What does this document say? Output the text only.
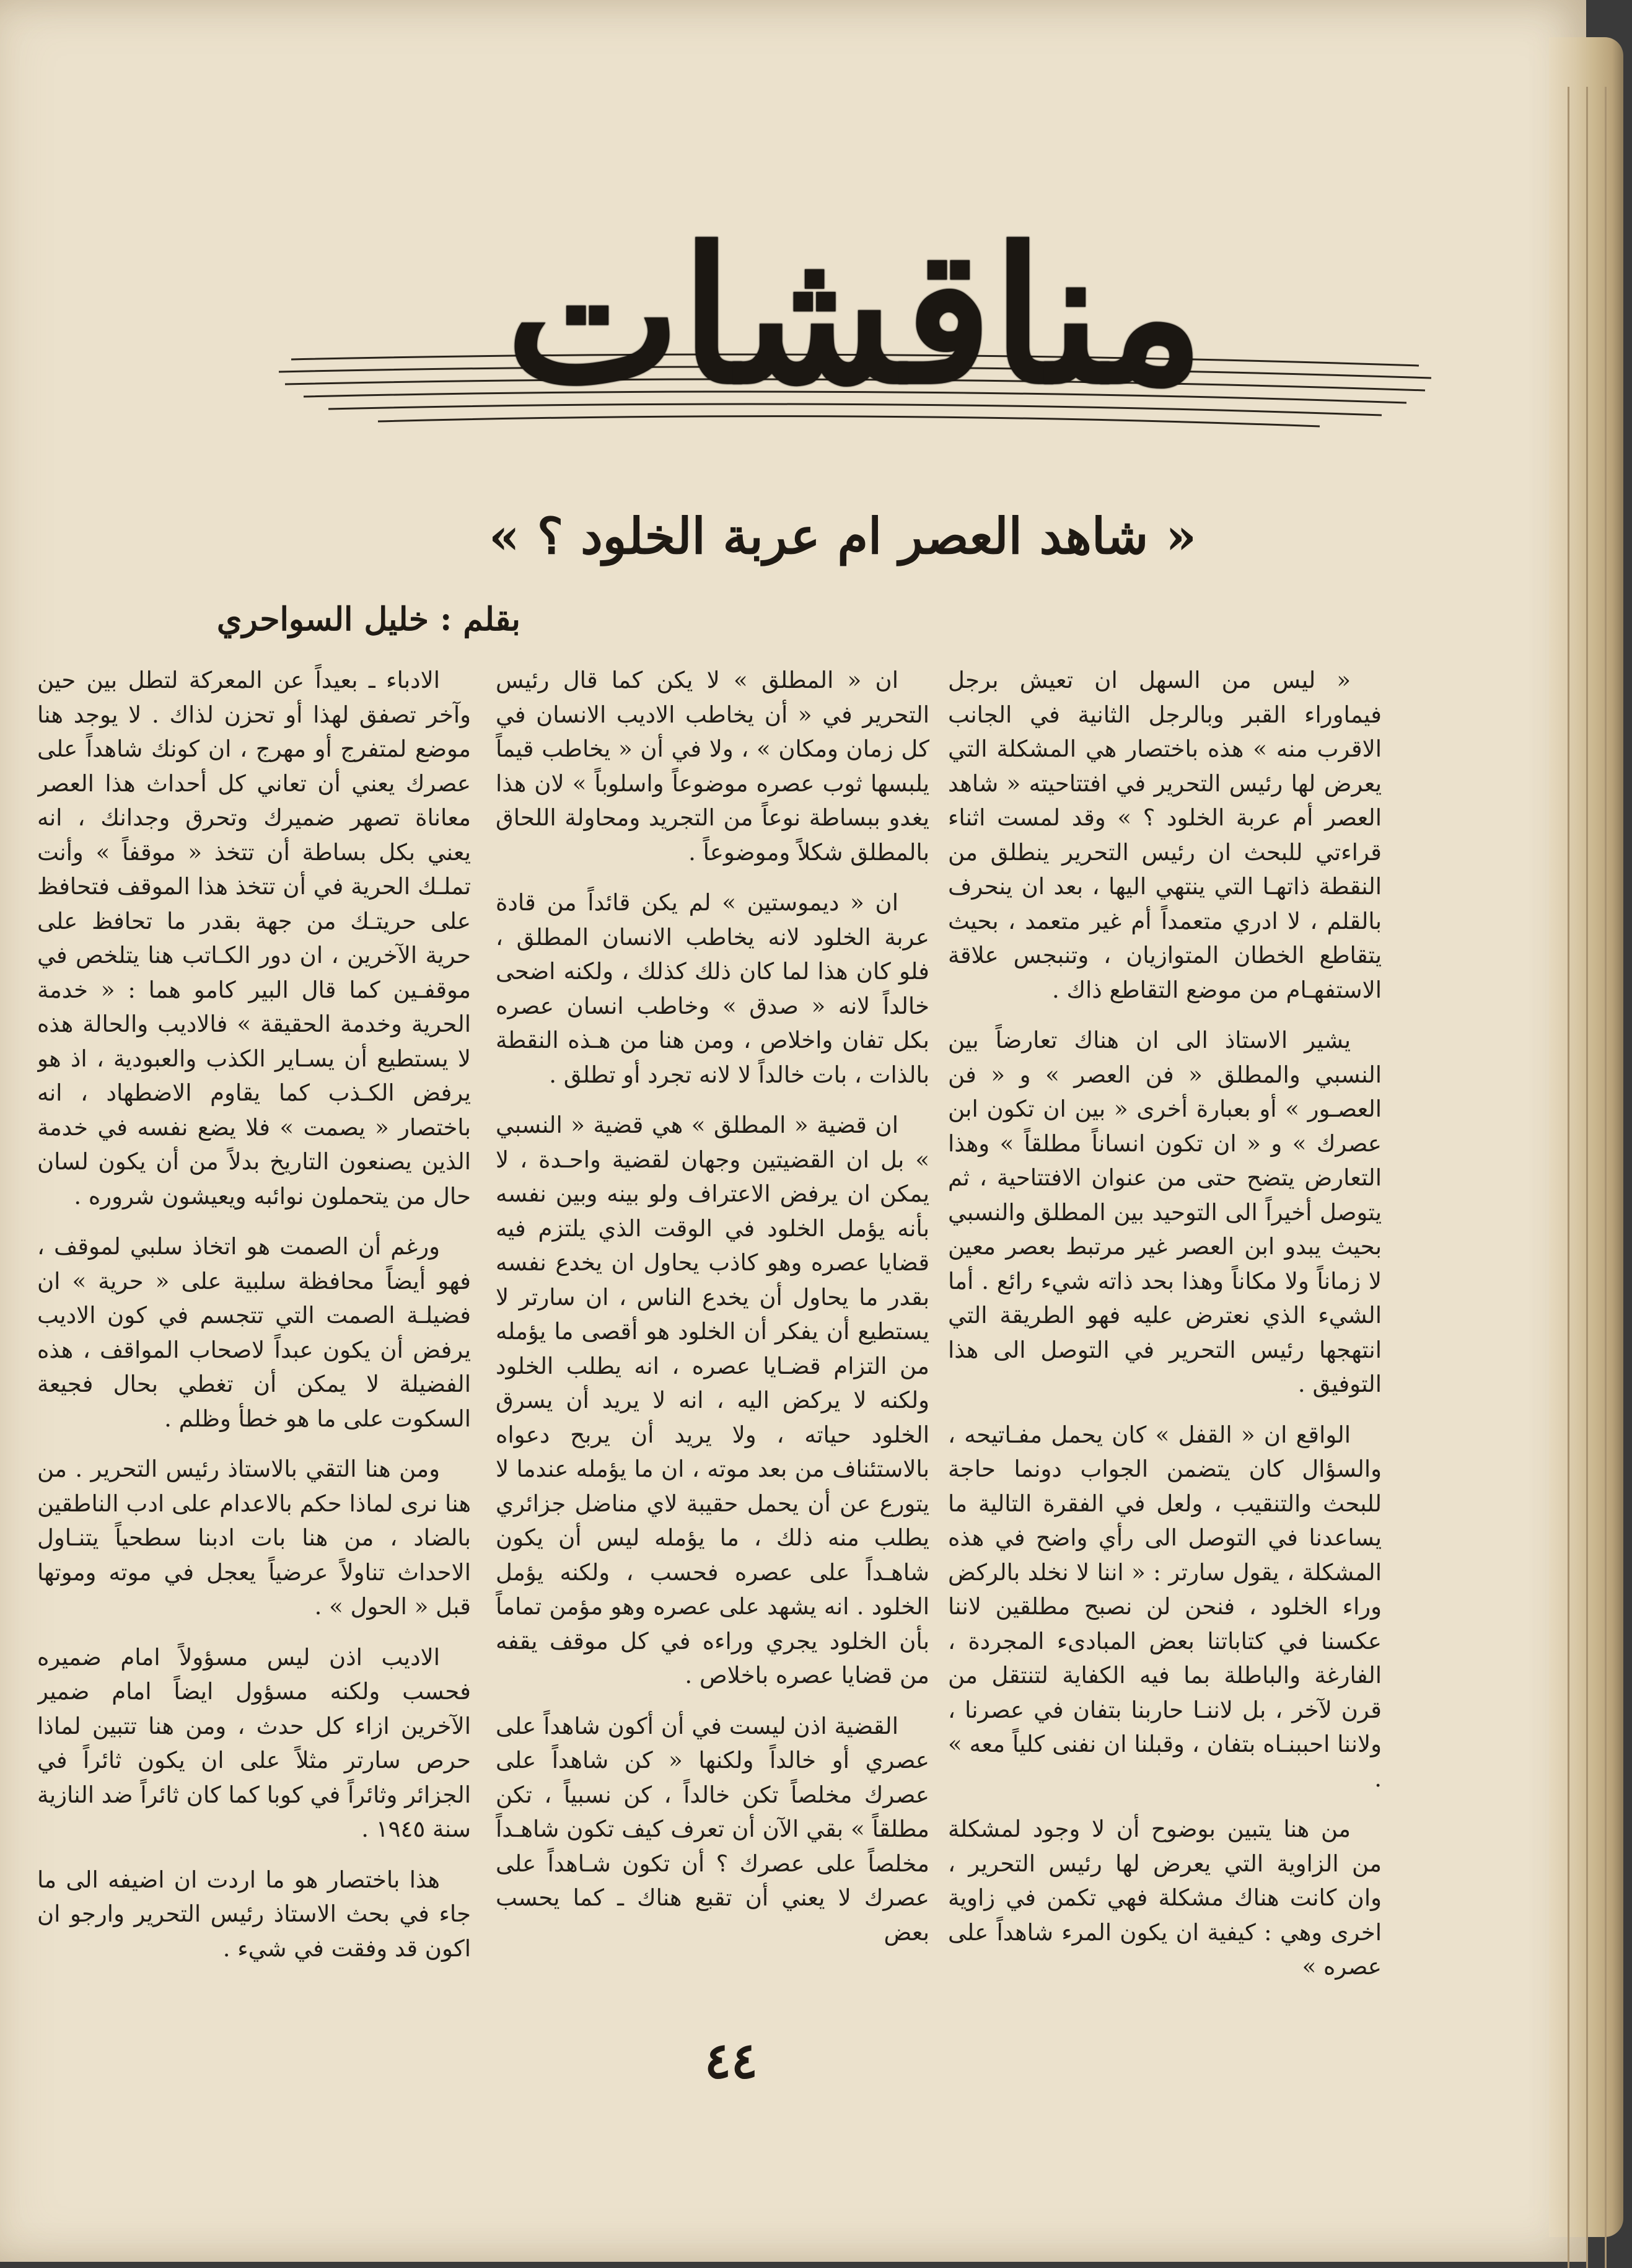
مناقشات
« شاهد العصر ام عربة الخلود ؟ »
بقلم : خليل السواحري

« ليس من السهل ان تعيش برجل فيماوراء القبر وبالرجل الثانية في الجانب الاقرب منه » هذه باختصار هي المشكلة التي يعرض لها رئيس التحرير في افتتاحيته « شاهد العصر أم عربة الخلود ؟ » وقد لمست اثناء قراءتي للبحث ان رئيس التحرير ينطلق من النقطة ذاتهـا التي ينتهي اليها ، بعد ان ينحرف بالقلم ، لا ادري متعمداً أم غير متعمد ، بحيث يتقاطع الخطان المتوازيان ، وتنبجس علاقة الاستفهـام من موضع التقاطع ذاك .

يشير الاستاذ الى ان هناك تعارضاً بين النسبي والمطلق « فن العصر » و « فن العصـور » أو بعبارة أخرى « بين ان تكون ابن عصرك » و « ان تكون انساناً مطلقاً » وهذا التعارض يتضح حتى من عنوان الافتتاحية ، ثم يتوصل أخيراً الى التوحيد بين المطلق والنسبي بحيث يبدو ابن العصر غير مرتبط بعصر معين لا زماناً ولا مكاناً وهذا بحد ذاته شيء رائع . أما الشيء الذي نعترض عليه فهو الطريقة التي انتهجها رئيس التحرير في التوصل الى هذا التوفيق .

الواقع ان « القفل » كان يحمل مفـاتيحه ، والسؤال كان يتضمن الجواب دونما حاجة للبحث والتنقيب ، ولعل في الفقرة التالية ما يساعدنا في التوصل الى رأي واضح في هذه المشكلة ، يقول سارتر : « اننا لا نخلد بالركض وراء الخلود ، فنحن لن نصبح مطلقين لاننا عكسنا في كتاباتنا بعض المبادىء المجردة ، الفارغة والباطلة بما فيه الكفاية لتنتقل من قرن لآخر ، بل لاننـا حاربنا بتفان في عصرنا ، ولاننا احببنـاه بتفان ، وقبلنا ان نفنى كلياً معه » .

من هنا يتبين بوضوح أن لا وجود لمشكلة من الزاوية التي يعرض لها رئيس التحرير ، وان كانت هناك مشكلة فهي تكمن في زاوية اخرى وهي : كيفية ان يكون المرء شاهداً على عصره »

ان « المطلق » لا يكن كما قال رئيس التحرير في « أن يخاطب الاديب الانسان في كل زمان ومكان » ، ولا في أن « يخاطب قيماً يلبسها ثوب عصره موضوعاً واسلوباً » لان هذا يغدو ببساطة نوعاً من التجريد ومحاولة اللحاق بالمطلق شكلاً وموضوعاً .

ان « ديموستين » لم يكن قائداً من قادة عربة الخلود لانه يخاطب الانسان المطلق ، فلو كان هذا لما كان ذلك كذلك ، ولكنه اضحى خالداً لانه « صدق » وخاطب انسان عصره بكل تفان واخلاص ، ومن هنا من هـذه النقطة بالذات ، بات خالداً لا لانه تجرد أو تطلق .

ان قضية « المطلق » هي قضية « النسبي » بل ان القضيتين وجهان لقضية واحـدة ، لا يمكن ان يرفض الاعتراف ولو بينه وبين نفسه بأنه يؤمل الخلود في الوقت الذي يلتزم فيه قضايا عصره وهو كاذب يحاول ان يخدع نفسه بقدر ما يحاول أن يخدع الناس ، ان سارتر لا يستطيع أن يفكر أن الخلود هو أقصى ما يؤمله من التزام قضـايا عصره ، انه يطلب الخلود ولكنه لا يركض اليه ، انه لا يريد أن يسرق الخلود حياته ، ولا يريد أن يربح دعواه بالاستئناف من بعد موته ، ان ما يؤمله عندما لا يتورع عن أن يحمل حقيبة لاي مناضل جزائري يطلب منه ذلك ، ما يؤمله ليس أن يكون شاهـداً على عصره فحسب ، ولكنه يؤمل الخلود . انه يشهد على عصره وهو مؤمن تماماً بأن الخلود يجري وراءه في كل موقف يقفه من قضايا عصره باخلاص .

القضية اذن ليست في أن أكون شاهداً على عصري أو خالداً ولكنها « كن شاهداً على عصرك مخلصاً تكن خالداً ، كن نسبياً ، تكن مطلقاً » بقي الآن أن تعرف كيف تكون شاهـداً مخلصاً على عصرك ؟ أن تكون شـاهداً على عصرك لا يعني أن تقبع هناك ـ كما يحسب بعض

الادباء ـ بعيداً عن المعركة لتطل بين حين وآخر تصفق لهذا أو تحزن لذاك . لا يوجد هنا موضع لمتفرج أو مهرج ، ان كونك شاهداً على عصرك يعني أن تعاني كل أحداث هذا العصر معاناة تصهر ضميرك وتحرق وجدانك ، انه يعني بكل بساطة أن تتخذ « موقفاً » وأنت تملـك الحرية في أن تتخذ هذا الموقف فتحافظ على حريتـك من جهة بقدر ما تحافظ على حرية الآخرين ، ان دور الكـاتب هنا يتلخص في موقفـين كما قال البير كامو هما : « خدمة الحرية وخدمة الحقيقة » فالاديب والحالة هذه لا يستطيع أن يسـاير الكذب والعبودية ، اذ هو يرفض الكـذب كما يقاوم الاضطهاد ، انه باختصار « يصمت » فلا يضع نفسه في خدمة الذين يصنعون التاريخ بدلاً من أن يكون لسان حال من يتحملون نوائبه ويعيشون شروره .

ورغم أن الصمت هو اتخاذ سلبي لموقف ، فهو أيضاً محافظة سلبية على « حرية » ان فضيلـة الصمت التي تتجسم في كون الاديب يرفض أن يكون عبداً لاصحاب المواقف ، هذه الفضيلة لا يمكن أن تغطي بحال فجيعة السكوت على ما هو خطأ وظلم .

ومن هنا التقي بالاستاذ رئيس التحرير . من هنا نرى لماذا حكم بالاعدام على ادب الناطقين بالضاد ، من هنا بات ادبنا سطحياً يتنـاول الاحداث تناولاً عرضياً يعجل في موته وموتها قبل « الحول » .

الاديب اذن ليس مسؤولاً امام ضميره فحسب ولكنه مسؤول ايضاً امام ضمير الآخرين ازاء كل حدث ، ومن هنا تتبين لماذا حرص سارتر مثلاً على ان يكون ثائراً في الجزائر وثائراً في كوبا كما كان ثائراً ضد النازية سنة ١٩٤٥ .

هذا باختصار هو ما اردت ان اضيفه الى ما جاء في بحث الاستاذ رئيس التحرير وارجو ان اكون قد وفقت في شيء .

٤٤
